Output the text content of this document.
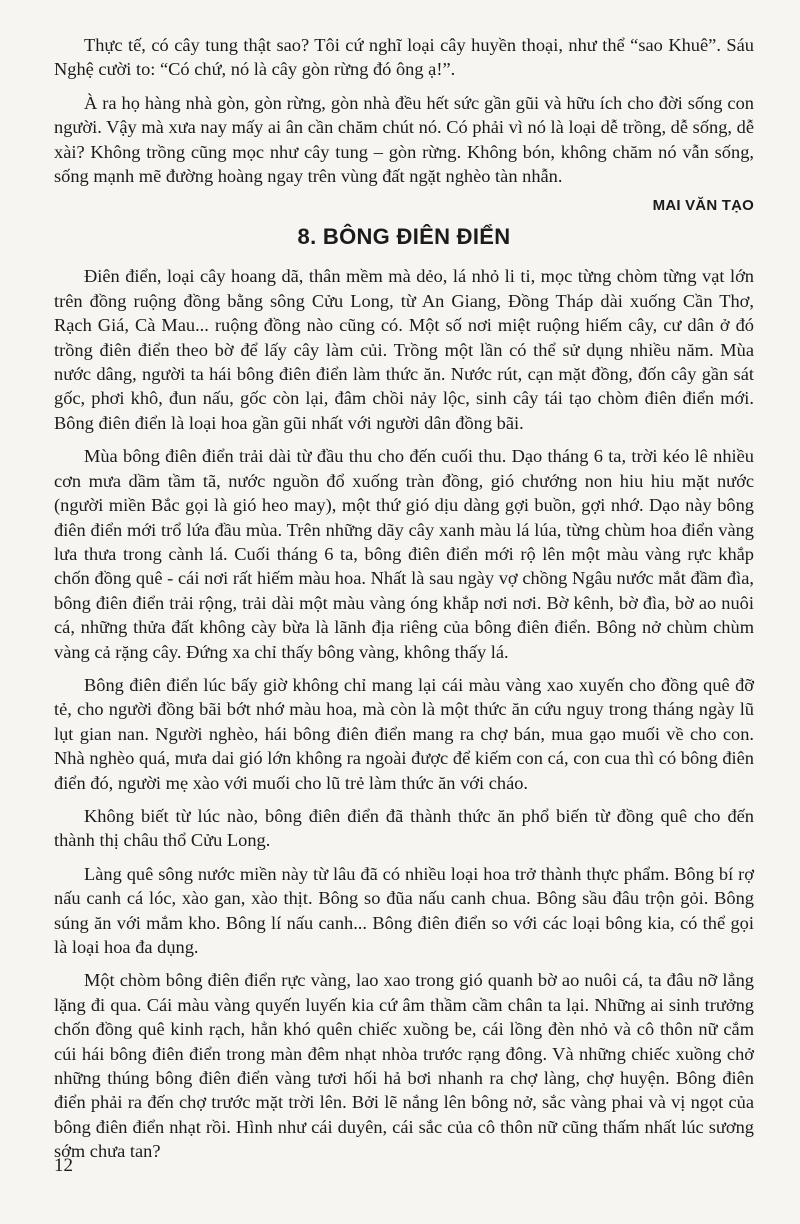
Thực tế, có cây tung thật sao? Tôi cứ nghĩ loại cây huyền thoại, như thể “sao Khuê”. Sáu Nghệ cười to: “Có chứ, nó là cây gòn rừng đó ông ạ!”.

À ra họ hàng nhà gòn, gòn rừng, gòn nhà đều hết sức gần gũi và hữu ích cho đời sống con người. Vậy mà xưa nay mấy ai ân cần chăm chút nó. Có phải vì nó là loại dễ trồng, dễ sống, dễ xài? Không trồng cũng mọc như cây tung – gòn rừng. Không bón, không chăm nó vẫn sống, sống mạnh mẽ đường hoàng ngay trên vùng đất ngặt nghèo tàn nhẫn.

MAI VĂN TẠO
8. BÔNG ĐIÊN ĐIỂN

Điên điển, loại cây hoang dã, thân mềm mà dẻo, lá nhỏ li ti, mọc từng chòm từng vạt lớn trên đồng ruộng đồng bằng sông Cửu Long, từ An Giang, Đồng Tháp dài xuống Cần Thơ, Rạch Giá, Cà Mau... ruộng đồng nào cũng có. Một số nơi miệt ruộng hiếm cây, cư dân ở đó trồng điên điển theo bờ để lấy cây làm củi. Trồng một lần có thể sử dụng nhiều năm. Mùa nước dâng, người ta hái bông điên điển làm thức ăn. Nước rút, cạn mặt đồng, đốn cây gần sát gốc, phơi khô, đun nấu, gốc còn lại, đâm chồi nảy lộc, sinh cây tái tạo chòm điên điển mới. Bông điên điển là loại hoa gần gũi nhất với người dân đồng bãi.

Mùa bông điên điển trải dài từ đầu thu cho đến cuối thu. Dạo tháng 6 ta, trời kéo lê nhiều cơn mưa dầm tầm tã, nước nguồn đổ xuống tràn đồng, gió chướng non hiu hiu mặt nước (người miền Bắc gọi là gió heo may), một thứ gió dịu dàng gợi buồn, gợi nhớ. Dạo này bông điên điển mới trổ lứa đầu mùa. Trên những dãy cây xanh màu lá lúa, từng chùm hoa điển vàng lưa thưa trong cành lá. Cuối tháng 6 ta, bông điên điển mới rộ lên một màu vàng rực khắp chốn đồng quê - cái nơi rất hiếm màu hoa. Nhất là sau ngày vợ chồng Ngâu nước mắt đầm đìa, bông điên điển trải rộng, trải dài một màu vàng óng khắp nơi nơi. Bờ kênh, bờ đìa, bờ ao nuôi cá, những thửa đất không cày bừa là lãnh địa riêng của bông điên điển. Bông nở chùm chùm vàng cả rặng cây. Đứng xa chỉ thấy bông vàng, không thấy lá.

Bông điên điển lúc bấy giờ không chỉ mang lại cái màu vàng xao xuyến cho đồng quê đỡ tẻ, cho người đồng bãi bớt nhớ màu hoa, mà còn là một thức ăn cứu nguy trong tháng ngày lũ lụt gian nan. Người nghèo, hái bông điên điển mang ra chợ bán, mua gạo muối về cho con. Nhà nghèo quá, mưa dai gió lớn không ra ngoài được để kiếm con cá, con cua thì có bông điên điển đó, người mẹ xào với muối cho lũ trẻ làm thức ăn với cháo.

Không biết từ lúc nào, bông điên điển đã thành thức ăn phổ biến từ đồng quê cho đến thành thị châu thổ Cửu Long.

Làng quê sông nước miền này từ lâu đã có nhiều loại hoa trở thành thực phẩm. Bông bí rợ nấu canh cá lóc, xào gan, xào thịt. Bông so đũa nấu canh chua. Bông sầu đâu trộn gỏi. Bông súng ăn với mắm kho. Bông lí nấu canh... Bông điên điển so với các loại bông kia, có thể gọi là loại hoa đa dụng.

Một chòm bông điên điển rực vàng, lao xao trong gió quanh bờ ao nuôi cá, ta đâu nỡ lẳng lặng đi qua. Cái màu vàng quyến luyến kia cứ âm thầm cầm chân ta lại. Những ai sinh trưởng chốn đồng quê kinh rạch, hẳn khó quên chiếc xuồng be, cái lồng đèn nhỏ và cô thôn nữ cắm cúi hái bông điên điển trong màn đêm nhạt nhòa trước rạng đông. Và những chiếc xuồng chở những thúng bông điên điển vàng tươi hối hả bơi nhanh ra chợ làng, chợ huyện. Bông điên điển phải ra đến chợ trước mặt trời lên. Bởi lẽ nắng lên bông nở, sắc vàng phai và vị ngọt của bông điên điển nhạt rồi. Hình như cái duyên, cái sắc của cô thôn nữ cũng thấm nhất lúc sương sớm chưa tan?

12
